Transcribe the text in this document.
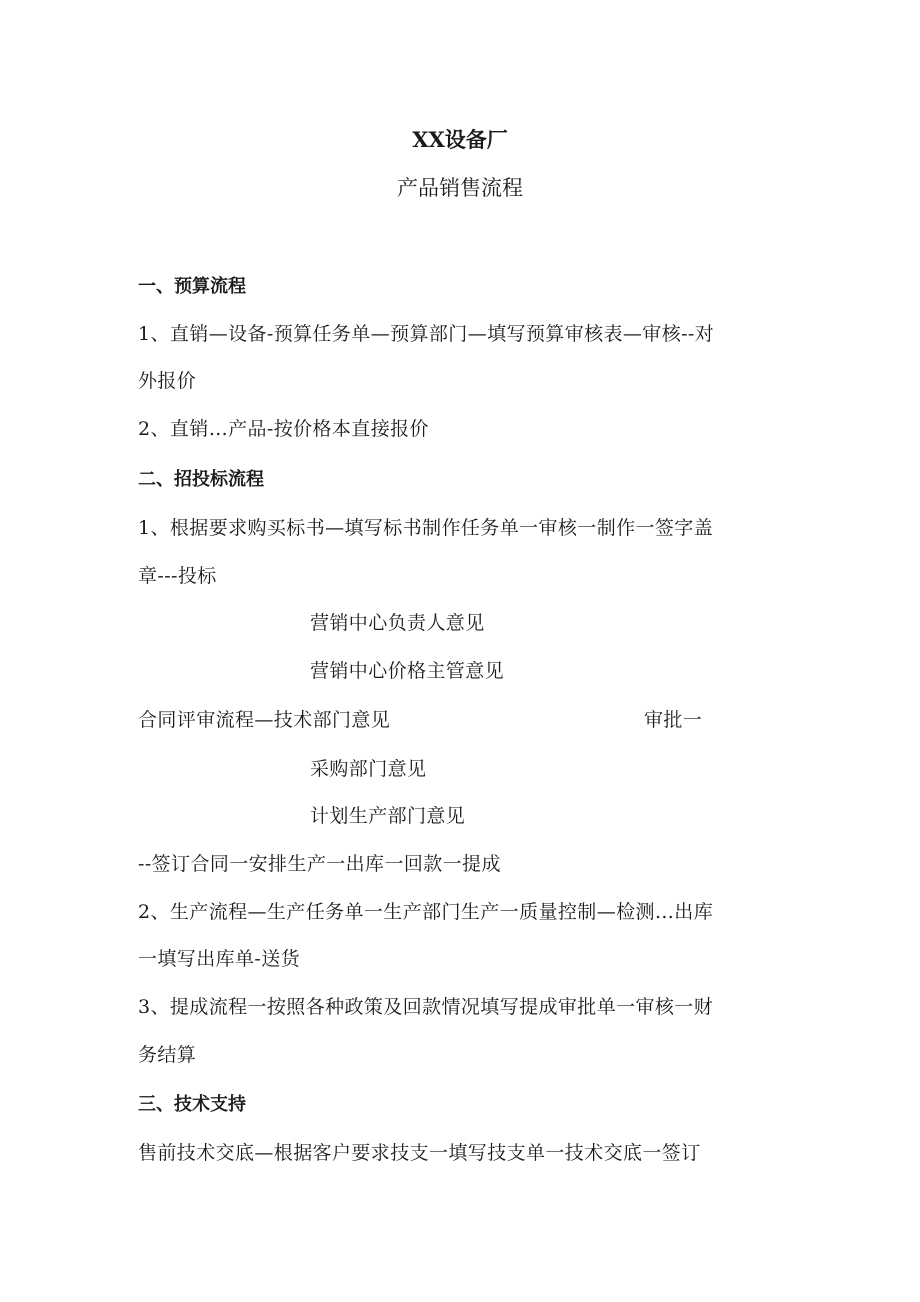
XX设备厂

产品销售流程

一、预算流程

1、直销—设备-预算任务单—预算部门—填写预算审核表—审核--对

外报价

2、直销…产品-按价格本直接报价

二、招投标流程

1、根据要求购买标书—填写标书制作任务单一审核一制作一签字盖

章---投标

营销中心负责人意见

营销中心价格主管意见

合同评审流程—技术部门意见	审批一

采购部门意见

计划生产部门意见

--签订合同一安排生产一出库一回款一提成

2、生产流程—生产任务单一生产部门生产一质量控制—检测…出库

一填写出库单-送货

3、提成流程一按照各种政策及回款情况填写提成审批单一审核一财

务结算

三、技术支持

售前技术交底—根据客户要求技支一填写技支单一技术交底一签订
